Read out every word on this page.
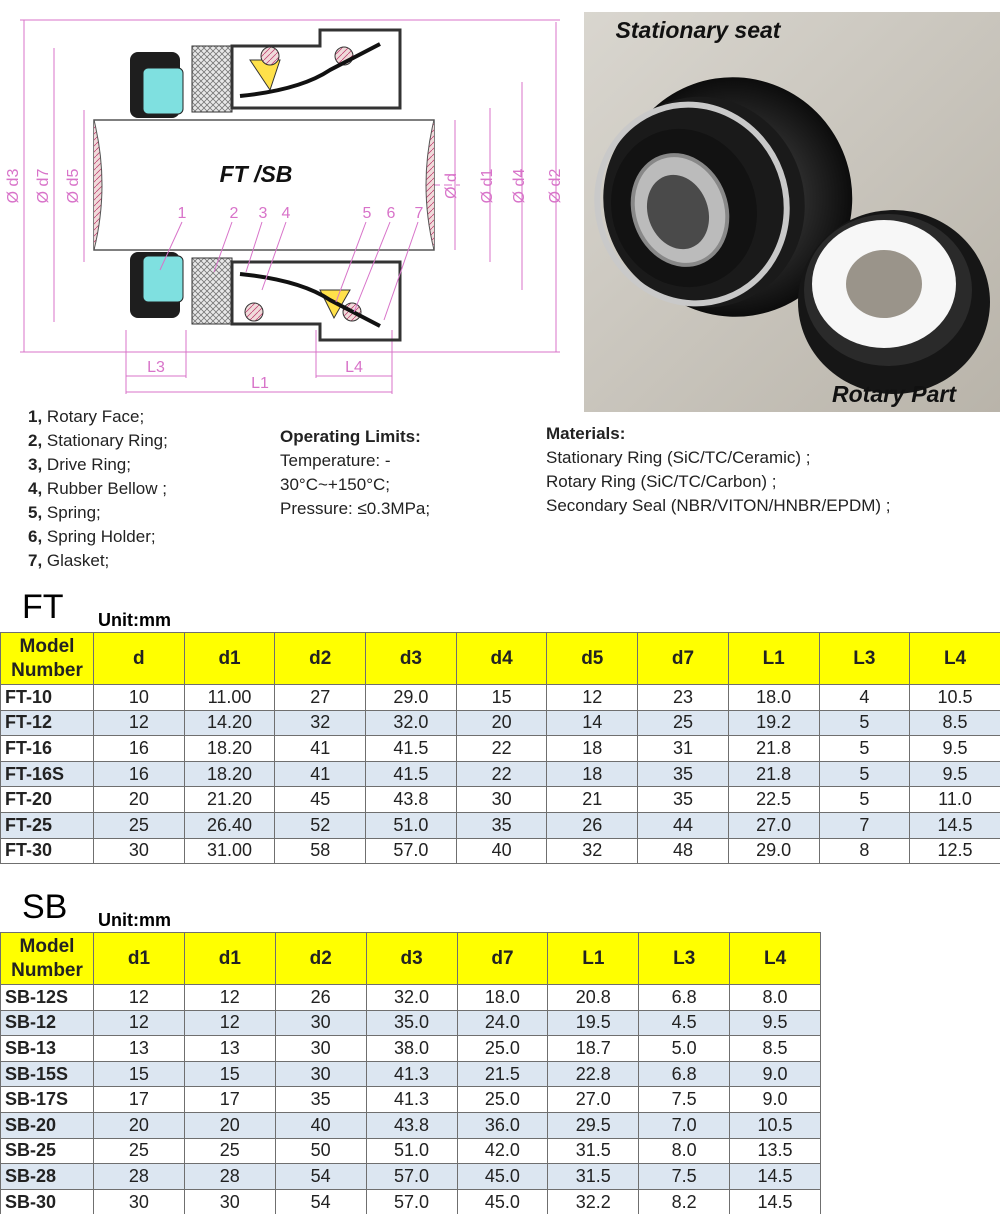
FT /SB
Ø d3 Ø d7 Ø d5	Ø d Ø d1 Ø d4 Ø d2
1	2 3 4	5 6 7
L3
L1
L4
Stationary seat
Rotary Part
1, Rotary Face;
2, Stationary Ring;
3, Drive Ring;
4, Rubber Bellow ;
5, Spring;
6, Spring Holder;
7, Glasket;
Operating Limits:
Temperature: -
30°C~+150°C;
Pressure: ≤0.3MPa;
Materials:
Stationary Ring (SiC/TC/Ceramic) ;
Rotary Ring (SiC/TC/Carbon) ;
Secondary Seal (NBR/VITON/HNBR/EPDM) ;
FT Unit:mm
Model
Number	d	d1	d2	d3	d4	d5	d7	L1	L3	L4
FT-10	10	11.00	27	29.0	15	12	23	18.0	4	10.5
FT-12	12	14.20	32	32.0	20	14	25	19.2	5	8.5
FT-16	16	18.20	41	41.5	22	18	31	21.8	5	9.5
FT-16S	16	18.20	41	41.5	22	18	35	21.8	5	9.5
FT-20	20	21.20	45	43.8	30	21	35	22.5	5	11.0
FT-25	25	26.40	52	51.0	35	26	44	27.0	7	14.5
FT-30	30	31.00	58	57.0	40	32	48	29.0	8	12.5
SB Unit:mm
Model
Number	d1	d1	d2	d3	d7	L1	L3	L4
SB-12S	12	12	26	32.0	18.0	20.8	6.8	8.0
SB-12	12	12	30	35.0	24.0	19.5	4.5	9.5
SB-13	13	13	30	38.0	25.0	18.7	5.0	8.5
SB-15S	15	15	30	41.3	21.5	22.8	6.8	9.0
SB-17S	17	17	35	41.3	25.0	27.0	7.5	9.0
SB-20	20	20	40	43.8	36.0	29.5	7.0	10.5
SB-25	25	25	50	51.0	42.0	31.5	8.0	13.5
SB-28	28	28	54	57.0	45.0	31.5	7.5	14.5
SB-30	30	30	54	57.0	45.0	32.2	8.2	14.5
